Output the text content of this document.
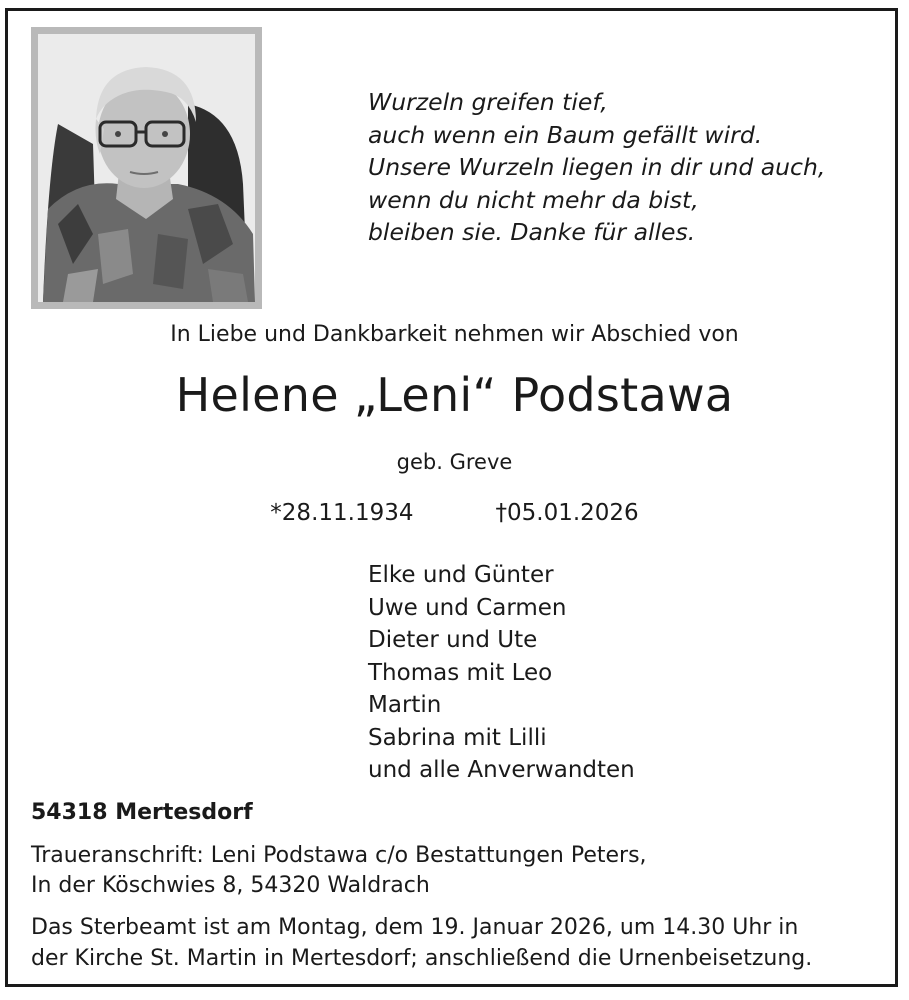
Wurzeln greifen tief,
auch wenn ein Baum gefällt wird.
Unsere Wurzeln liegen in dir und auch,
wenn du nicht mehr da bist,
bleiben sie. Danke für alles.
In Liebe und Dankbarkeit nehmen wir Abschied von
Helene „Leni“ Podstawa
geb. Greve
*28.11.1934	†05.01.2026
Elke und Günter
Uwe und Carmen
Dieter und Ute
Thomas mit Leo
Martin
Sabrina mit Lilli
und alle Anverwandten
54318 Mertesdorf
Traueranschrift: Leni Podstawa c/o Bestattungen Peters,
In der Köschwies 8, 54320 Waldrach
Das Sterbeamt ist am Montag, dem 19. Januar 2026, um 14.30 Uhr in
der Kirche St. Martin in Mertesdorf; anschließend die Urnenbeisetzung.
